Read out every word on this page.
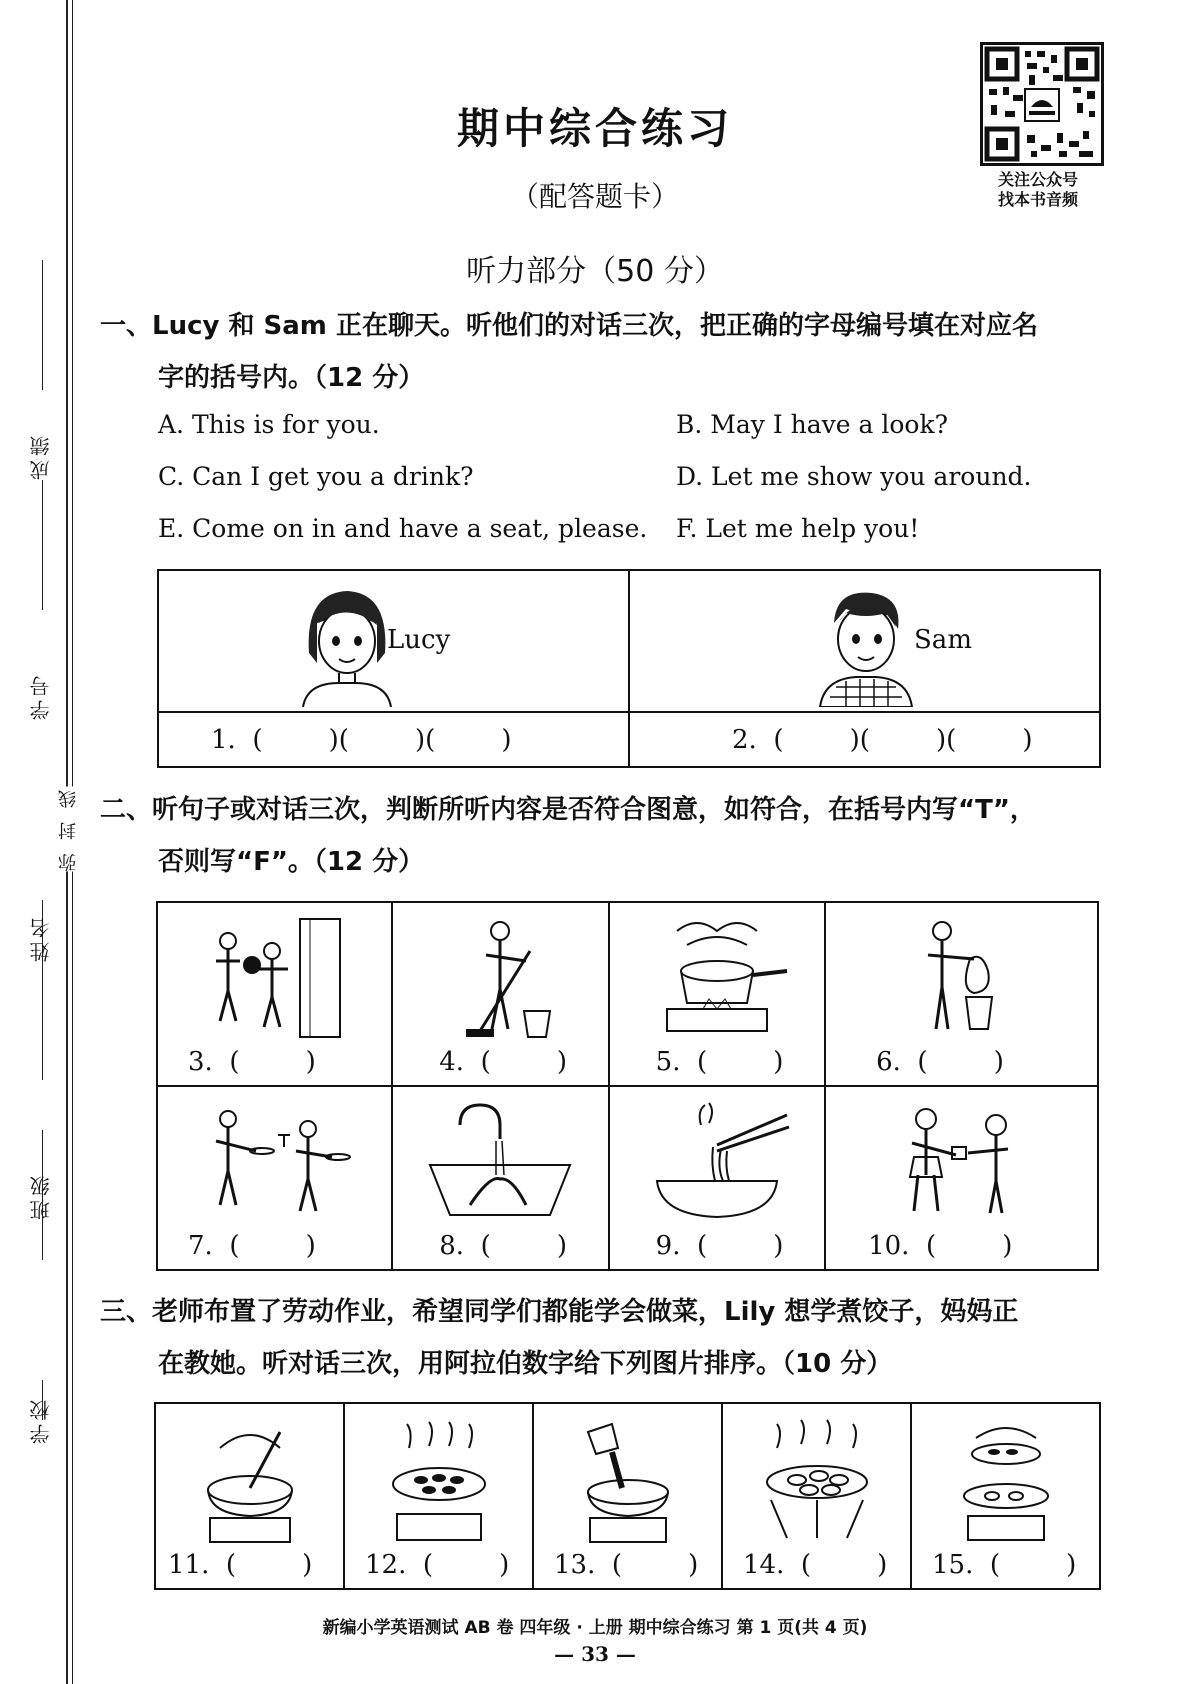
成绩
学号
弥 封 线
姓名
班级
学校
期中综合练习
（配答题卡）
关注公众号
找本书音频
听力部分（50 分）
一、Lucy 和 Sam 正在聊天。听他们的对话三次，把正确的字母编号填在对应名
字的括号内。（12 分）
A. This is for you.	B. May I have a look?
C. Can I get you a drink?	D. Let me show you around.
E. Come on in and have a seat, please. F. Let me help you!
Lucy	Sam

1.  (        )(        )(        )	2.  (        )(        )(        )
二、听句子或对话三次，判断所听内容是否符合图意，如符合，在括号内写“T”，
否则写“F”。（12 分）
3.  (        )	4.  (        )	5.  (        )	6.  (        )

7.  (        )	8.  (        )	9.  (        )	10.  (        )
三、老师布置了劳动作业，希望同学们都能学会做菜，Lily 想学煮饺子，妈妈正
在教她。听对话三次，用阿拉伯数字给下列图片排序。（10 分）
11.  (        )	12.  (        )	13.  (        )	14.  (        )	15.  (        )
新编小学英语测试 AB 卷 四年级 · 上册 期中综合练习 第 1 页(共 4 页)
— 33 —
